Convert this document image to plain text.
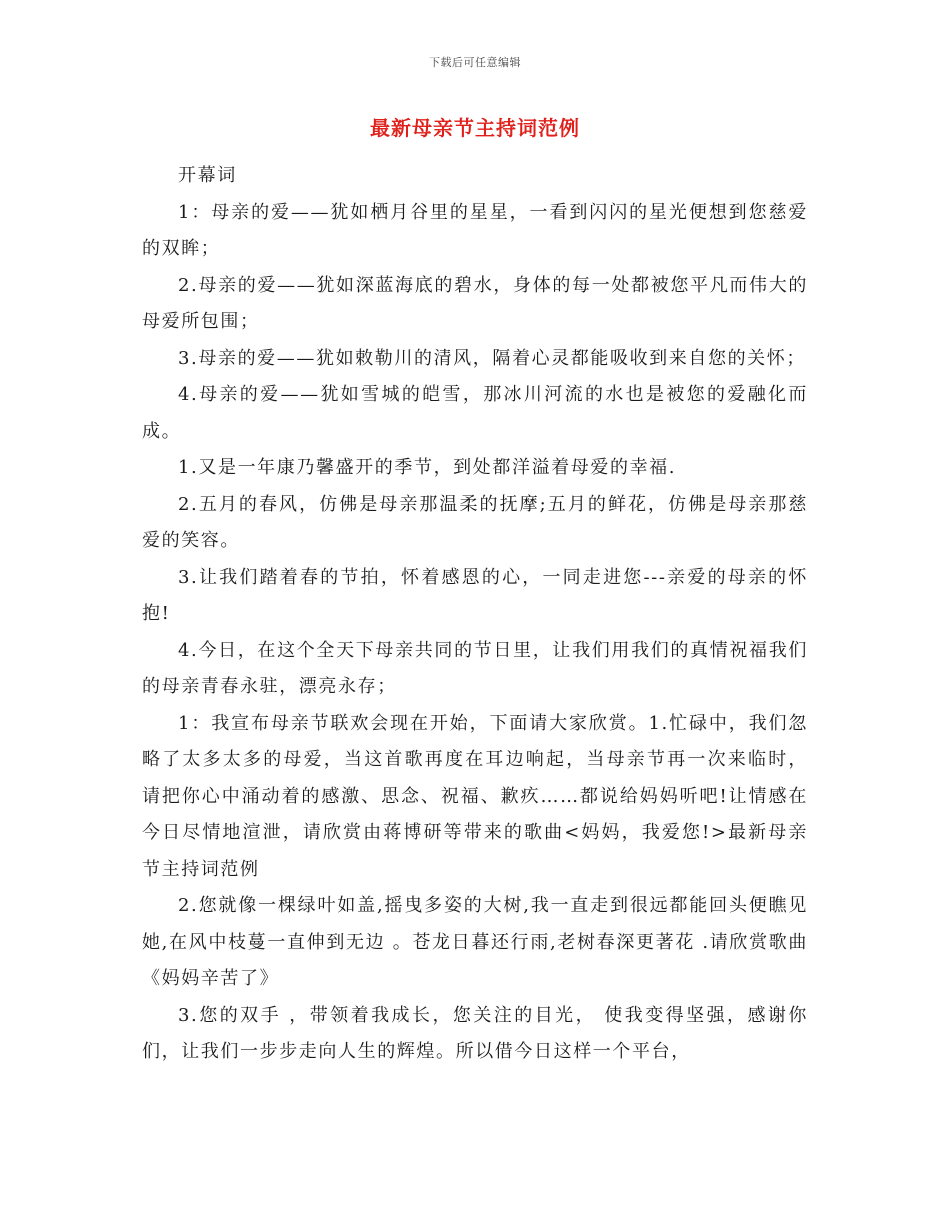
下载后可任意编辑
最新母亲节主持词范例

开幕词

1：母亲的爱——犹如栖月谷里的星星，一看到闪闪的星光便想到您慈爱的双眸；

2.母亲的爱——犹如深蓝海底的碧水，身体的每一处都被您平凡而伟大的母爱所包围；

3.母亲的爱——犹如敕勒川的清风，隔着心灵都能吸收到来自您的关怀；

4.母亲的爱——犹如雪城的皑雪，那冰川河流的水也是被您的爱融化而成。

1.又是一年康乃馨盛开的季节，到处都洋溢着母爱的幸福.

2.五月的春风，仿佛是母亲那温柔的抚摩;五月的鲜花，仿佛是母亲那慈爱的笑容。

3.让我们踏着春的节拍，怀着感恩的心，一同走进您---亲爱的母亲的怀抱!

4.今日，在这个全天下母亲共同的节日里，让我们用我们的真情祝福我们的母亲青春永驻，漂亮永存；

1：我宣布母亲节联欢会现在开始，下面请大家欣赏。1.忙碌中，我们忽略了太多太多的母爱，当这首歌再度在耳边响起，当母亲节再一次来临时，请把你心中涌动着的感激、思念、祝福、歉疚……都说给妈妈听吧!让情感在今日尽情地渲泄，请欣赏由蒋博研等带来的歌曲<妈妈，我爱您!>最新母亲节主持词范例

2.您就像一棵绿叶如盖,摇曳多姿的大树,我一直走到很远都能回头便瞧见她,在风中枝蔓一直伸到无边 。苍龙日暮还行雨,老树春深更著花 .请欣赏歌曲 《妈妈辛苦了》

3.您的双手 ，带领着我成长，您关注的目光， 使我变得坚强，感谢你们，让我们一步步走向人生的辉煌。所以借今日这样一个平台，
